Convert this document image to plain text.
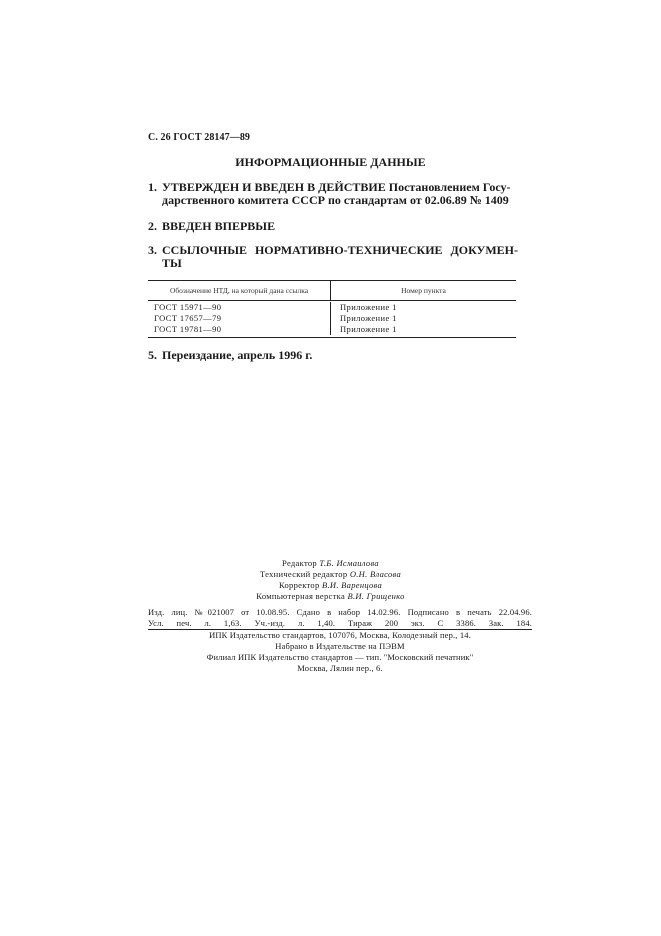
С. 26 ГОСТ 28147—89
ИНФОРМАЦИОННЫЕ ДАННЫЕ
1. УТВЕРЖДЕН И ВВЕДЕН В ДЕЙСТВИЕ Постановлением Госу-
дарственного комитета СССР по стандартам от 02.06.89 № 1409
2. ВВЕДЕН ВПЕРВЫЕ
3. ССЫЛОЧНЫЕ НОРМАТИВНО-ТЕХНИЧЕСКИЕ ДОКУМЕН-
ТЫ
Обозначение НТД, на который дана ссылка	Номер пункта
ГОСТ 15971—90
ГОСТ 17657—79
ГОСТ 19781—90
Приложение 1
Приложение 1
Приложение 1
5. Переиздание, апрель 1996 г.
Редактор Т.Б. Исмаилова
Технический редактор О.Н. Власова
Корректор В.И. Варенцова
Компьютерная верстка В.И. Грищенко
Изд. лиц. №021007 от 10.08.95. Сдано в набор 14.02.96. Подписано в печать 22.04.96.
Усл. печ. л. 1,63. Уч.-изд. л. 1,40. Тираж 200 экз. С 3386. Зак. 184.
ИПК Издательство стандартов, 107076, Москва, Колодезный пер., 14.
Набрано в Издательстве на ПЭВМ
Филиал ИПК Издательство стандартов — тип. "Московский печатник"
Москва, Лялин пер., 6.
